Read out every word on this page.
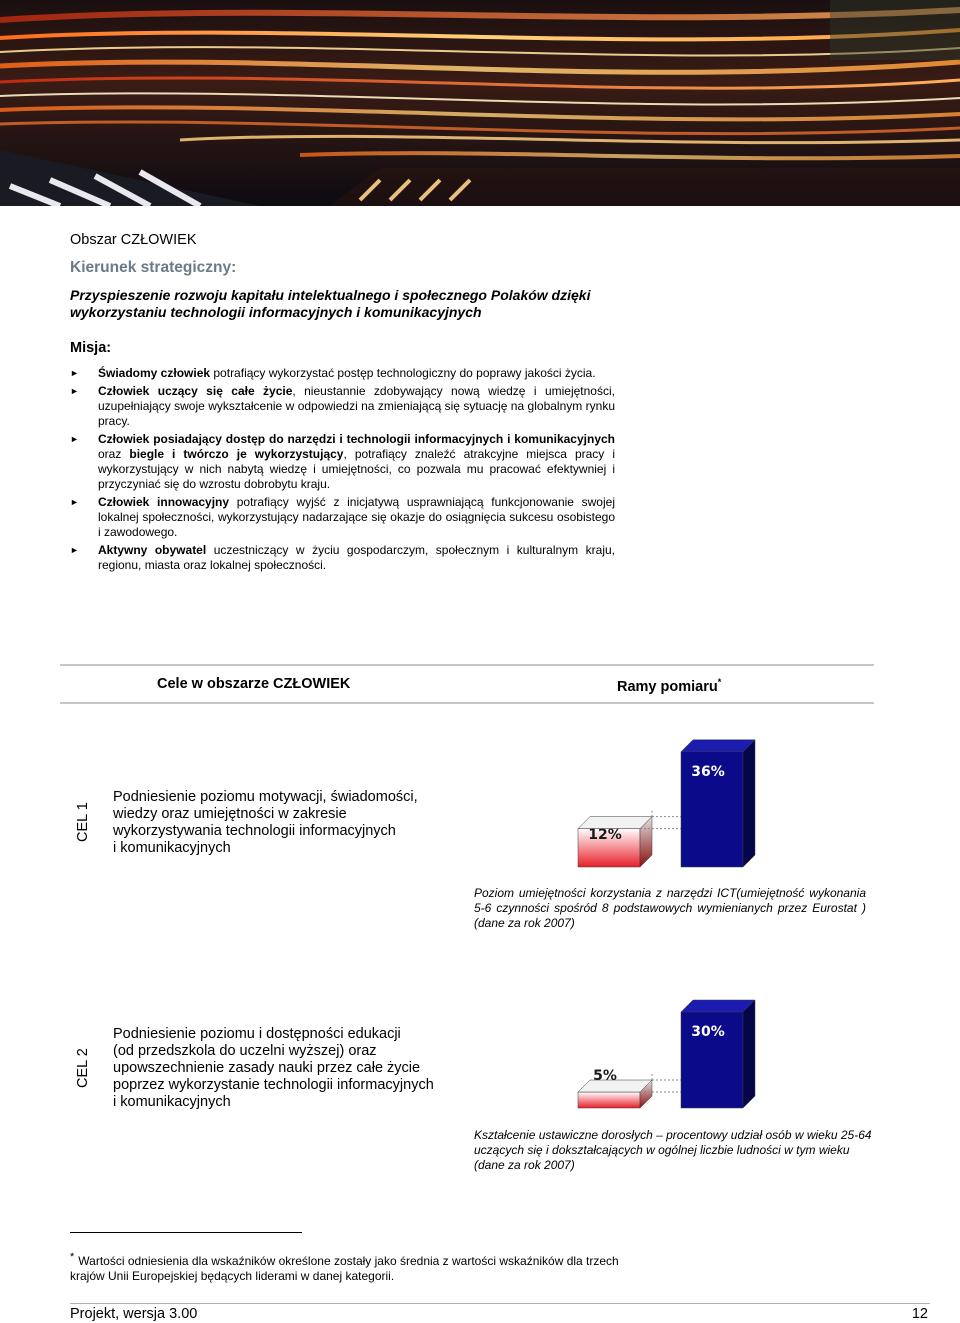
Obszar CZŁOWIEK
Kierunek strategiczny:
Przyspieszenie rozwoju kapitału intelektualnego i społecznego Polaków dzięki wykorzystaniu technologii informacyjnych i komunikacyjnych
Misja:
► Świadomy człowiek potrafiący wykorzystać postęp technologiczny do poprawy jakości życia.
► Człowiek uczący się całe życie, nieustannie zdobywający nową wiedzę i umiejętności, uzupełniający swoje wykształcenie w odpowiedzi na zmieniającą się sytuację na globalnym rynku pracy.
► Człowiek posiadający dostęp do narzędzi i technologii informacyjnych i komunikacyjnych oraz biegle i twórczo je wykorzystujący, potrafiący znaleźć atrakcyjne miejsca pracy i wykorzystujący w nich nabytą wiedzę i umiejętności, co pozwala mu pracować efektywniej i przyczyniać się do wzrostu dobrobytu kraju.
► Człowiek innowacyjny potrafiący wyjść z inicjatywą usprawniającą funkcjonowanie swojej lokalnej społeczności, wykorzystujący nadarzające się okazje do osiągnięcia sukcesu osobistego i zawodowego.
► Aktywny obywatel uczestniczący w życiu gospodarczym, społecznym i kulturalnym kraju, regionu, miasta oraz lokalnej społeczności.
Cele w obszarze CZŁOWIEK	Ramy pomiaru*
CEL 1
Podniesienie poziomu motywacji, świadomości,
wiedzy oraz umiejętności w zakresie
wykorzystywania technologii informacyjnych
i komunikacyjnych
12%
36%
Poziom umiejętności korzystania z narzędzi ICT(umiejętność wykonania 5-6 czynności spośród 8 podstawowych wymienianych przez Eurostat ) (dane za rok 2007)
CEL 2
Podniesienie poziomu i dostępności edukacji
(od przedszkola do uczelni wyższej) oraz
upowszechnienie zasady nauki przez całe życie
poprzez wykorzystanie technologii informacyjnych
i komunikacyjnych
5%
30%
Kształcenie ustawiczne dorosłych – procentowy udział osób w wieku 25-64 uczących się i dokształcających w ogólnej liczbie ludności w tym wieku (dane za rok 2007)
* Wartości odniesienia dla wskaźników określone zostały jako średnia z wartości wskaźników dla trzech krajów Unii Europejskiej będących liderami w danej kategorii.
Projekt, wersja 3.00	12
